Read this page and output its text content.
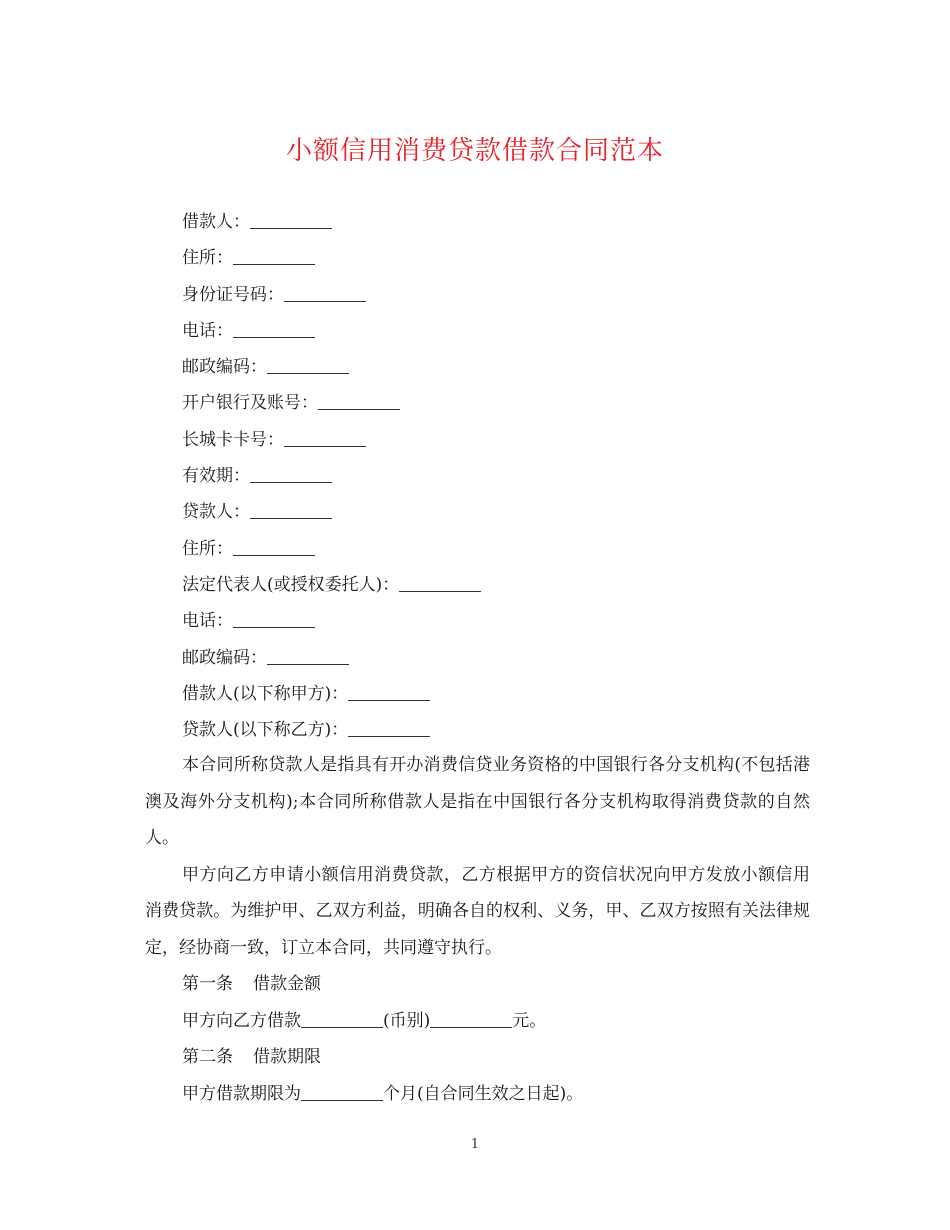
小额信用消费贷款借款合同范本
借款人：
住所：
身份证号码：
电话：
邮政编码：
开户银行及账号：
长城卡卡号：
有效期：
贷款人：
住所：
法定代表人(或授权委托人)：
电话：
邮政编码：
借款人(以下称甲方)：
贷款人(以下称乙方)：

本合同所称贷款人是指具有开办消费信贷业务资格的中国银行各分支机构(不包括港澳及海外分支机构);本合同所称借款人是指在中国银行各分支机构取得消费贷款的自然人。

甲方向乙方申请小额信用消费贷款，乙方根据甲方的资信状况向甲方发放小额信用消费贷款。为维护甲、乙双方利益，明确各自的权利、义务，甲、乙双方按照有关法律规定，经协商一致，订立本合同，共同遵守执行。

第一条 借款金额
甲方向乙方借款	(币别)	元。
第二条 借款期限
甲方借款期限为	个月(自合同生效之日起)。
1
